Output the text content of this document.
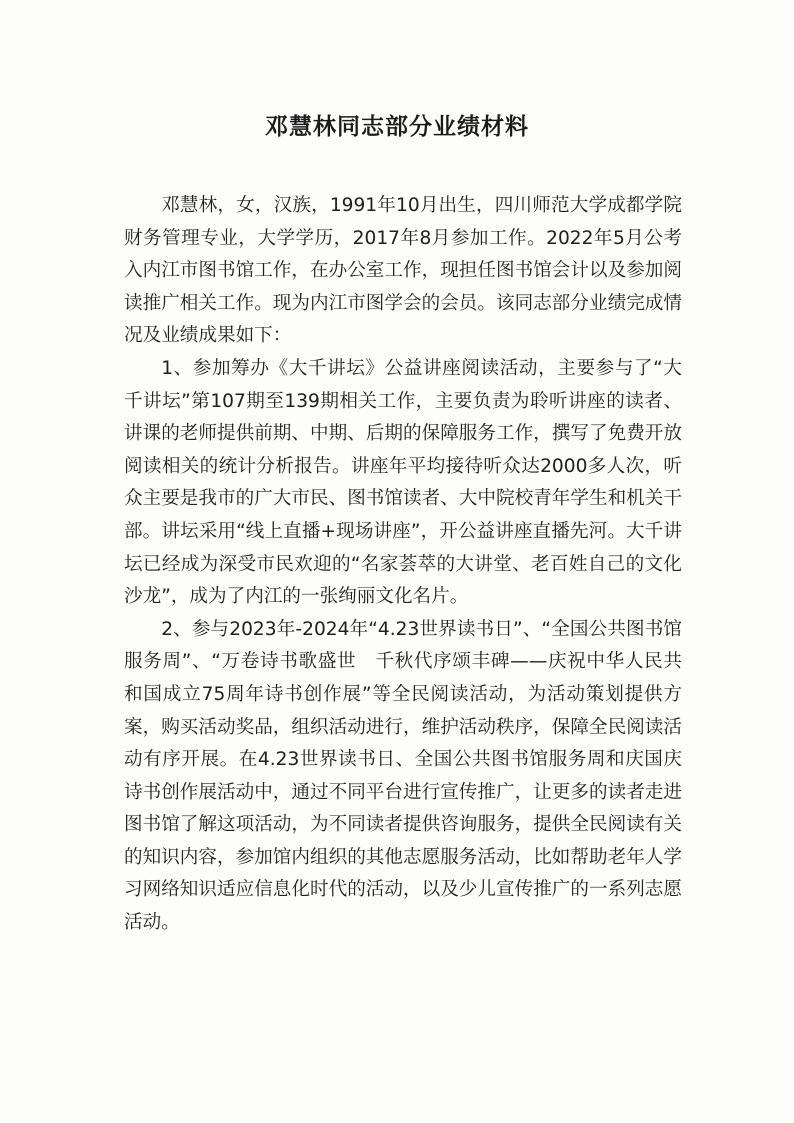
邓慧林同志部分业绩材料

邓慧林，女，汉族，1991年10月出生，四川师范大学成都学院财务管理专业，大学学历，2017年8月参加工作。2022年5月公考入内江市图书馆工作，在办公室工作，现担任图书馆会计以及参加阅读推广相关工作。现为内江市图学会的会员。该同志部分业绩完成情况及业绩成果如下：

1、参加筹办《大千讲坛》公益讲座阅读活动，主要参与了“大千讲坛”第107期至139期相关工作，主要负责为聆听讲座的读者、讲课的老师提供前期、中期、后期的保障服务工作，撰写了免费开放阅读相关的统计分析报告。讲座年平均接待听众达2000多人次，听众主要是我市的广大市民、图书馆读者、大中院校青年学生和机关干部。讲坛采用“线上直播+现场讲座”，开公益讲座直播先河。大千讲坛已经成为深受市民欢迎的“名家荟萃的大讲堂、老百姓自己的文化沙龙”，成为了内江的一张绚丽文化名片。

2、参与2023年-2024年“4.23世界读书日”、“全国公共图书馆服务周”、“万卷诗书歌盛世　千秋代序颂丰碑——庆祝中华人民共和国成立75周年诗书创作展”等全民阅读活动，为活动策划提供方案，购买活动奖品，组织活动进行，维护活动秩序，保障全民阅读活动有序开展。在4.23世界读书日、全国公共图书馆服务周和庆国庆诗书创作展活动中，通过不同平台进行宣传推广，让更多的读者走进图书馆了解这项活动，为不同读者提供咨询服务，提供全民阅读有关的知识内容，参加馆内组织的其他志愿服务活动，比如帮助老年人学习网络知识适应信息化时代的活动，以及少儿宣传推广的一系列志愿活动。
